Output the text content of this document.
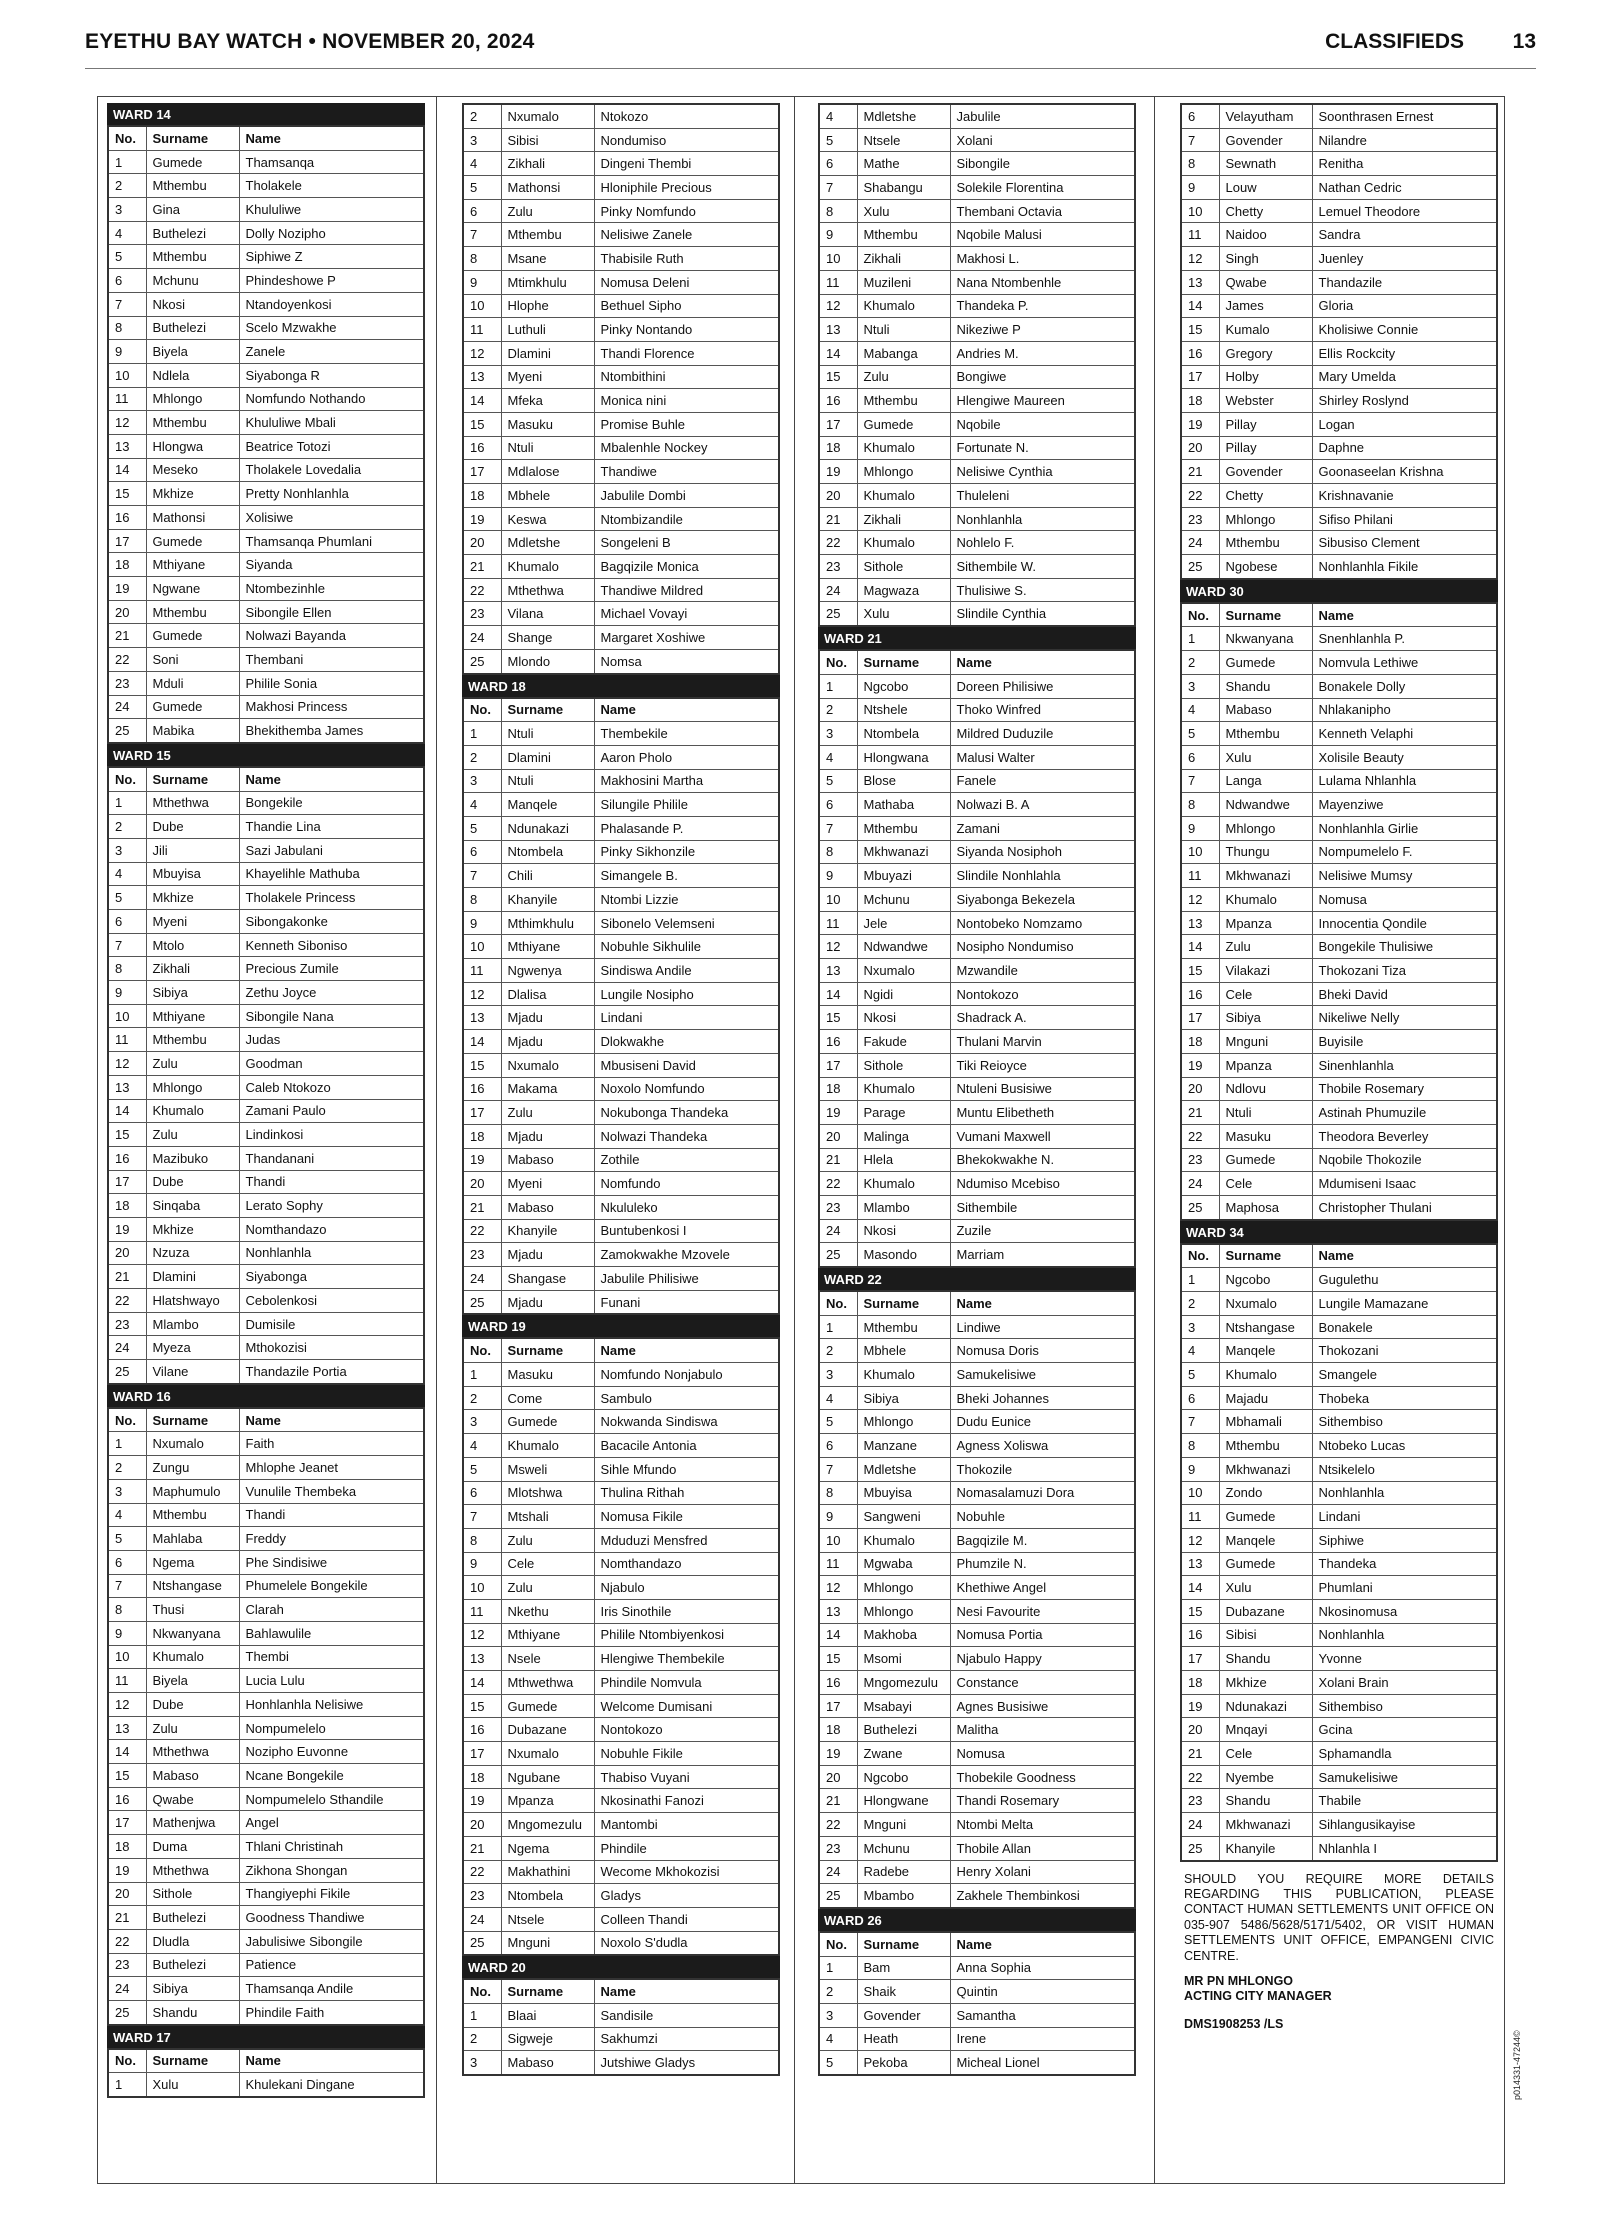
EYETHU BAY WATCH • NOVEMBER 20, 2024	CLASSIFIEDS 13
WARD 14
No.	Surname	Name
1	Gumede	Thamsanqa
2	Mthembu	Tholakele
3	Gina	Khululiwe
4	Buthelezi	Dolly Nozipho
5	Mthembu	Siphiwe Z
6	Mchunu	Phindeshowe P
7	Nkosi	Ntandoyenkosi
8	Buthelezi	Scelo Mzwakhe
9	Biyela	Zanele
10	Ndlela	Siyabonga R
11	Mhlongo	Nomfundo Nothando
12	Mthembu	Khululiwe Mbali
13	Hlongwa	Beatrice Totozi
14	Meseko	Tholakele Lovedalia
15	Mkhize	Pretty Nonhlanhla
16	Mathonsi	Xolisiwe
17	Gumede	Thamsanqa Phumlani
18	Mthiyane	Siyanda
19	Ngwane	Ntombezinhle
20	Mthembu	Sibongile Ellen
21	Gumede	Nolwazi Bayanda
22	Soni	Thembani
23	Mduli	Philile Sonia
24	Gumede	Makhosi Princess
25	Mabika	Bhekithemba James
WARD 15
No.	Surname	Name
1	Mthethwa	Bongekile
2	Dube	Thandie Lina
3	Jili	Sazi Jabulani
4	Mbuyisa	Khayelihle Mathuba
5	Mkhize	Tholakele Princess
6	Myeni	Sibongakonke
7	Mtolo	Kenneth Siboniso
8	Zikhali	Precious Zumile
9	Sibiya	Zethu Joyce
10	Mthiyane	Sibongile Nana
11	Mthembu	Judas
12	Zulu	Goodman
13	Mhlongo	Caleb Ntokozo
14	Khumalo	Zamani Paulo
15	Zulu	Lindinkosi
16	Mazibuko	Thandanani
17	Dube	Thandi
18	Sinqaba	Lerato Sophy
19	Mkhize	Nomthandazo
20	Nzuza	Nonhlanhla
21	Dlamini	Siyabonga
22	Hlatshwayo	Cebolenkosi
23	Mlambo	Dumisile
24	Myeza	Mthokozisi
25	Vilane	Thandazile Portia
WARD 16
No.	Surname	Name
1	Nxumalo	Faith
2	Zungu	Mhlophe Jeanet
3	Maphumulo	Vunulile Thembeka
4	Mthembu	Thandi
5	Mahlaba	Freddy
6	Ngema	Phe Sindisiwe
7	Ntshangase	Phumelele Bongekile
8	Thusi	Clarah
9	Nkwanyana	Bahlawulile
10	Khumalo	Thembi
11	Biyela	Lucia Lulu
12	Dube	Honhlanhla Nelisiwe
13	Zulu	Nompumelelo
14	Mthethwa	Nozipho Euvonne
15	Mabaso	Ncane Bongekile
16	Qwabe	Nompumelelo Sthandile
17	Mathenjwa	Angel
18	Duma	Thlani Christinah
19	Mthethwa	Zikhona Shongan
20	Sithole	Thangiyephi Fikile
21	Buthelezi	Goodness Thandiwe
22	Dludla	Jabulisiwe Sibongile
23	Buthelezi	Patience
24	Sibiya	Thamsanqa Andile
25	Shandu	Phindile Faith
WARD 17
No.	Surname	Name
1	Xulu	Khulekani Dingane
2	Nxumalo	Ntokozo
3	Sibisi	Nondumiso
4	Zikhali	Dingeni Thembi
5	Mathonsi	Hloniphile Precious
6	Zulu	Pinky Nomfundo
7	Mthembu	Nelisiwe Zanele
8	Msane	Thabisile Ruth
9	Mtimkhulu	Nomusa Deleni
10	Hlophe	Bethuel Sipho
11	Luthuli	Pinky Nontando
12	Dlamini	Thandi Florence
13	Myeni	Ntombithini
14	Mfeka	Monica nini
15	Masuku	Promise Buhle
16	Ntuli	Mbalenhle Nockey
17	Mdlalose	Thandiwe
18	Mbhele	Jabulile Dombi
19	Keswa	Ntombizandile
20	Mdletshe	Songeleni B
21	Khumalo	Bagqizile Monica
22	Mthethwa	Thandiwe Mildred
23	Vilana	Michael Vovayi
24	Shange	Margaret Xoshiwe
25	Mlondo	Nomsa
WARD 18
No.	Surname	Name
1	Ntuli	Thembekile
2	Dlamini	Aaron Pholo
3	Ntuli	Makhosini Martha
4	Manqele	Silungile Philile
5	Ndunakazi	Phalasande P.
6	Ntombela	Pinky Sikhonzile
7	Chili	Simangele B.
8	Khanyile	Ntombi Lizzie
9	Mthimkhulu	Sibonelo Velemseni
10	Mthiyane	Nobuhle Sikhulile
11	Ngwenya	Sindiswa Andile
12	Dlalisa	Lungile Nosipho
13	Mjadu	Lindani
14	Mjadu	Dlokwakhe
15	Nxumalo	Mbusiseni David
16	Makama	Noxolo Nomfundo
17	Zulu	Nokubonga Thandeka
18	Mjadu	Nolwazi Thandeka
19	Mabaso	Zothile
20	Myeni	Nomfundo
21	Mabaso	Nkululeko
22	Khanyile	Buntubenkosi I
23	Mjadu	Zamokwakhe Mzovele
24	Shangase	Jabulile Philisiwe
25	Mjadu	Funani
WARD 19
No.	Surname	Name
1	Masuku	Nomfundo Nonjabulo
2	Come	Sambulo
3	Gumede	Nokwanda Sindiswa
4	Khumalo	Bacacile Antonia
5	Msweli	Sihle Mfundo
6	Mlotshwa	Thulina Rithah
7	Mtshali	Nomusa Fikile
8	Zulu	Mduduzi Mensfred
9	Cele	Nomthandazo
10	Zulu	Njabulo
11	Nkethu	Iris Sinothile
12	Mthiyane	Philile Ntombiyenkosi
13	Nsele	Hlengiwe Thembekile
14	Mthwethwa	Phindile Nomvula
15	Gumede	Welcome Dumisani
16	Dubazane	Nontokozo
17	Nxumalo	Nobuhle Fikile
18	Ngubane	Thabiso Vuyani
19	Mpanza	Nkosinathi Fanozi
20	Mngomezulu	Mantombi
21	Ngema	Phindile
22	Makhathini	Wecome Mkhokozisi
23	Ntombela	Gladys
24	Ntsele	Colleen Thandi
25	Mnguni	Noxolo S'dudla
WARD 20
No.	Surname	Name
1	Blaai	Sandisile
2	Sigweje	Sakhumzi
3	Mabaso	Jutshiwe Gladys
4	Mdletshe	Jabulile
5	Ntsele	Xolani
6	Mathe	Sibongile
7	Shabangu	Solekile Florentina
8	Xulu	Thembani Octavia
9	Mthembu	Nqobile Malusi
10	Zikhali	Makhosi L.
11	Muzileni	Nana Ntombenhle
12	Khumalo	Thandeka P.
13	Ntuli	Nikeziwe P
14	Mabanga	Andries M.
15	Zulu	Bongiwe
16	Mthembu	Hlengiwe Maureen
17	Gumede	Nqobile
18	Khumalo	Fortunate N.
19	Mhlongo	Nelisiwe Cynthia
20	Khumalo	Thuleleni
21	Zikhali	Nonhlanhla
22	Khumalo	Nohlelo F.
23	Sithole	Sithembile W.
24	Magwaza	Thulisiwe S.
25	Xulu	Slindile Cynthia
WARD 21
No.	Surname	Name
1	Ngcobo	Doreen Philisiwe
2	Ntshele	Thoko Winfred
3	Ntombela	Mildred Duduzile
4	Hlongwana	Malusi Walter
5	Blose	Fanele
6	Mathaba	Nolwazi B. A
7	Mthembu	Zamani
8	Mkhwanazi	Siyanda Nosiphoh
9	Mbuyazi	Slindile Nonhlahla
10	Mchunu	Siyabonga Bekezela
11	Jele	Nontobeko Nomzamo
12	Ndwandwe	Nosipho Nondumiso
13	Nxumalo	Mzwandile
14	Ngidi	Nontokozo
15	Nkosi	Shadrack A.
16	Fakude	Thulani Marvin
17	Sithole	Tiki Reioyce
18	Khumalo	Ntuleni Busisiwe
19	Parage	Muntu Elibetheth
20	Malinga	Vumani Maxwell
21	Hlela	Bhekokwakhe N.
22	Khumalo	Ndumiso Mcebiso
23	Mlambo	Sithembile
24	Nkosi	Zuzile
25	Masondo	Marriam
WARD 22
No.	Surname	Name
1	Mthembu	Lindiwe
2	Mbhele	Nomusa Doris
3	Khumalo	Samukelisiwe
4	Sibiya	Bheki Johannes
5	Mhlongo	Dudu Eunice
6	Manzane	Agness Xoliswa
7	Mdletshe	Thokozile
8	Mbuyisa	Nomasalamuzi Dora
9	Sangweni	Nobuhle
10	Khumalo	Bagqizile M.
11	Mgwaba	Phumzile N.
12	Mhlongo	Khethiwe Angel
13	Mhlongo	Nesi Favourite
14	Makhoba	Nomusa Portia
15	Msomi	Njabulo Happy
16	Mngomezulu	Constance
17	Msabayi	Agnes Busisiwe
18	Buthelezi	Malitha
19	Zwane	Nomusa
20	Ngcobo	Thobekile Goodness
21	Hlongwane	Thandi Rosemary
22	Mnguni	Ntombi Melta
23	Mchunu	Thobile Allan
24	Radebe	Henry Xolani
25	Mbambo	Zakhele Thembinkosi
WARD 26
No.	Surname	Name
1	Bam	Anna Sophia
2	Shaik	Quintin
3	Govender	Samantha
4	Heath	Irene
5	Pekoba	Micheal Lionel
6	Velayutham	Soonthrasen Ernest
7	Govender	Nilandre
8	Sewnath	Renitha
9	Louw	Nathan Cedric
10	Chetty	Lemuel Theodore
11	Naidoo	Sandra
12	Singh	Juenley
13	Qwabe	Thandazile
14	James	Gloria
15	Kumalo	Kholisiwe Connie
16	Gregory	Ellis Rockcity
17	Holby	Mary Umelda
18	Webster	Shirley Roslynd
19	Pillay	Logan
20	Pillay	Daphne
21	Govender	Goonaseelan Krishna
22	Chetty	Krishnavanie
23	Mhlongo	Sifiso Philani
24	Mthembu	Sibusiso Clement
25	Ngobese	Nonhlanhla Fikile
WARD 30
No.	Surname	Name
1	Nkwanyana	Snenhlanhla P.
2	Gumede	Nomvula Lethiwe
3	Shandu	Bonakele Dolly
4	Mabaso	Nhlakanipho
5	Mthembu	Kenneth Velaphi
6	Xulu	Xolisile Beauty
7	Langa	Lulama Nhlanhla
8	Ndwandwe	Mayenziwe
9	Mhlongo	Nonhlanhla Girlie
10	Thungu	Nompumelelo F.
11	Mkhwanazi	Nelisiwe Mumsy
12	Khumalo	Nomusa
13	Mpanza	Innocentia Qondile
14	Zulu	Bongekile Thulisiwe
15	Vilakazi	Thokozani Tiza
16	Cele	Bheki David
17	Sibiya	Nikeliwe Nelly
18	Mnguni	Buyisile
19	Mpanza	Sinenhlanhla
20	Ndlovu	Thobile Rosemary
21	Ntuli	Astinah Phumuzile
22	Masuku	Theodora Beverley
23	Gumede	Nqobile Thokozile
24	Cele	Mdumiseni Isaac
25	Maphosa	Christopher Thulani
WARD 34
No.	Surname	Name
1	Ngcobo	Gugulethu
2	Nxumalo	Lungile Mamazane
3	Ntshangase	Bonakele
4	Manqele	Thokozani
5	Khumalo	Smangele
6	Majadu	Thobeka
7	Mbhamali	Sithembiso
8	Mthembu	Ntobeko Lucas
9	Mkhwanazi	Ntsikelelo
10	Zondo	Nonhlanhla
11	Gumede	Lindani
12	Manqele	Siphiwe
13	Gumede	Thandeka
14	Xulu	Phumlani
15	Dubazane	Nkosinomusa
16	Sibisi	Nonhlanhla
17	Shandu	Yvonne
18	Mkhize	Xolani Brain
19	Ndunakazi	Sithembiso
20	Mnqayi	Gcina
21	Cele	Sphamandla
22	Nyembe	Samukelisiwe
23	Shandu	Thabile
24	Mkhwanazi	Sihlangusikayise
25	Khanyile	Nhlanhla I
SHOULD YOU REQUIRE MORE DETAILS REGARDING THIS PUBLICATION, PLEASE CONTACT HUMAN SETTLEMENTS UNIT OFFICE ON 035-907 5486/5628/5171/5402, OR VISIT HUMAN SETTLEMENTS UNIT OFFICE, EMPANGENI CIVIC CENTRE.
MR PN MHLONGO
ACTING CITY MANAGER
DMS1908253 /LS
p014331-47244©
